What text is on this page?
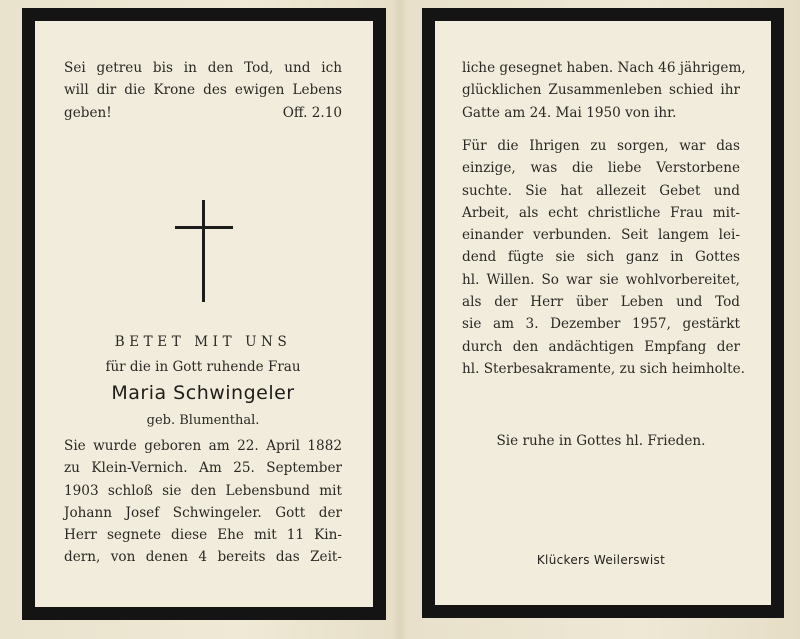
Sei getreu bis in den Tod, und ich
will dir die Krone des ewigen Lebens
geben!	Off. 2.10
BETET MIT UNS
für die in Gott ruhende Frau
Maria Schwingeler
geb. Blumenthal.
Sie wurde geboren am 22. April 1882
zu Klein-Vernich. Am 25. September
1903 schloß sie den Lebensbund mit
Johann Josef Schwingeler. Gott der
Herr segnete diese Ehe mit 11 Kin-
dern, von denen 4 bereits das Zeit-
liche gesegnet haben. Nach 46 jährigem,
glücklichen Zusammenleben schied ihr
Gatte am 24. Mai 1950 von ihr.
Für die Ihrigen zu sorgen, war das
einzige, was die liebe Verstorbene
suchte. Sie hat allezeit Gebet und
Arbeit, als echt christliche Frau mit-
einander verbunden. Seit langem lei-
dend fügte sie sich ganz in Gottes
hl. Willen. So war sie wohlvorbereitet,
als der Herr über Leben und Tod
sie am 3. Dezember 1957, gestärkt
durch den andächtigen Empfang der
hl. Sterbesakramente, zu sich heimholte.
Sie ruhe in Gottes hl. Frieden.
Klückers Weilerswist
